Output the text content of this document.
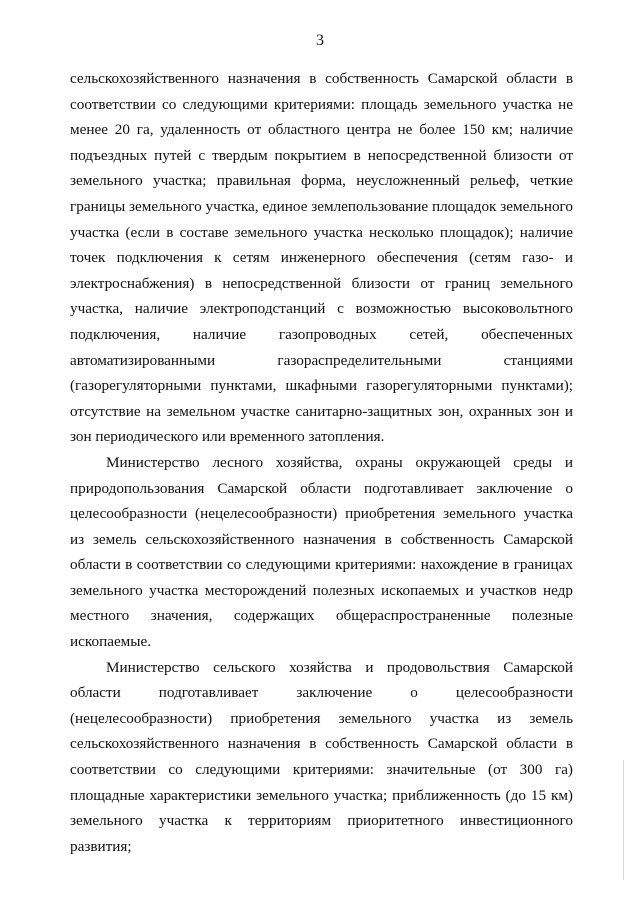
3

сельскохозяйственного назначения в собственность Самарской области в соответствии со следующими критериями: площадь земельного участка не менее 20 га, удаленность от областного центра не более 150 км; наличие подъездных путей с твердым покрытием в непосредственной близости от земельного участка; правильная форма, неусложненный рельеф, четкие границы земельного участка, единое землепользование площадок земельного участка (если в составе земельного участка несколько площадок); наличие точек подключения к сетям инженерного обеспечения (сетям газо- и электроснабжения) в непосредственной близости от границ земельного участка, наличие электроподстанций с возможностью высоковольтного подключения, наличие газопроводных сетей, обеспеченных автоматизированными газораспределительными станциями (газорегуляторными пунктами, шкафными газорегуляторными пунктами); отсутствие на земельном участке санитарно-защитных зон, охранных зон и зон периодического или временного затопления.

Министерство лесного хозяйства, охраны окружающей среды и природопользования Самарской области подготавливает заключение о целесообразности (нецелесообразности) приобретения земельного участка из земель сельскохозяйственного назначения в собственность Самарской области в соответствии со следующими критериями: нахождение в границах земельного участка месторождений полезных ископаемых и участков недр местного значения, содержащих общераспространенные полезные ископаемые.

Министерство сельского хозяйства и продовольствия Самарской области подготавливает заключение о целесообразности (нецелесообразности) приобретения земельного участка из земель сельскохозяйственного назначения в собственность Самарской области в соответствии со следующими критериями: значительные (от 300 га) площадные характеристики земельного участка; приближенность (до 15 км) земельного участка к территориям приоритетного инвестиционного развития;
